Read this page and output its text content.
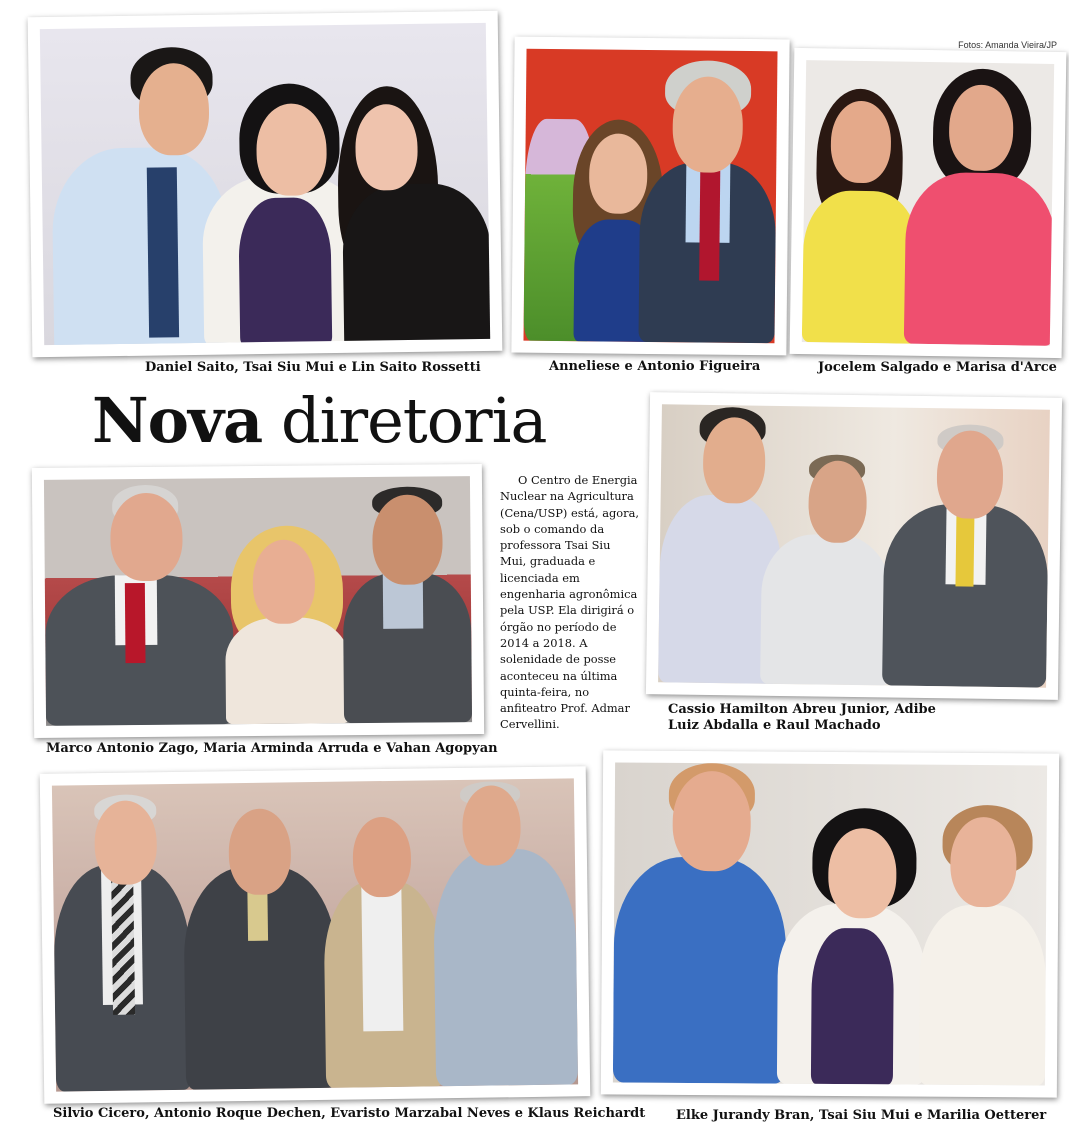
Fotos: Amanda Vieira/JP
Daniel Saito, Tsai Siu Mui e Lin Saito Rossetti	Anneliese e Antonio Figueira	Jocelem Salgado e Marisa d'Arce
Nova diretoria
Marco Antonio Zago, Maria Arminda Arruda e Vahan Agopyan

O Centro de Energia Nuclear na Agricultura (Cena/USP) está, agora, sob o comando da professora Tsai Siu Mui, graduada e licenciada em engenharia agronômica pela USP. Ela dirigirá o órgão no período de 2014 a 2018. A solenidade de posse aconteceu na última quinta-feira, no anfiteatro Prof. Admar Cervellini.

Cassio Hamilton Abreu Junior, Adibe Luiz Abdalla e Raul Machado
Silvio Cicero, Antonio Roque Dechen, Evaristo Marzabal Neves e Klaus Reichardt Elke Jurandy Bran, Tsai Siu Mui e Marilia Oetterer
